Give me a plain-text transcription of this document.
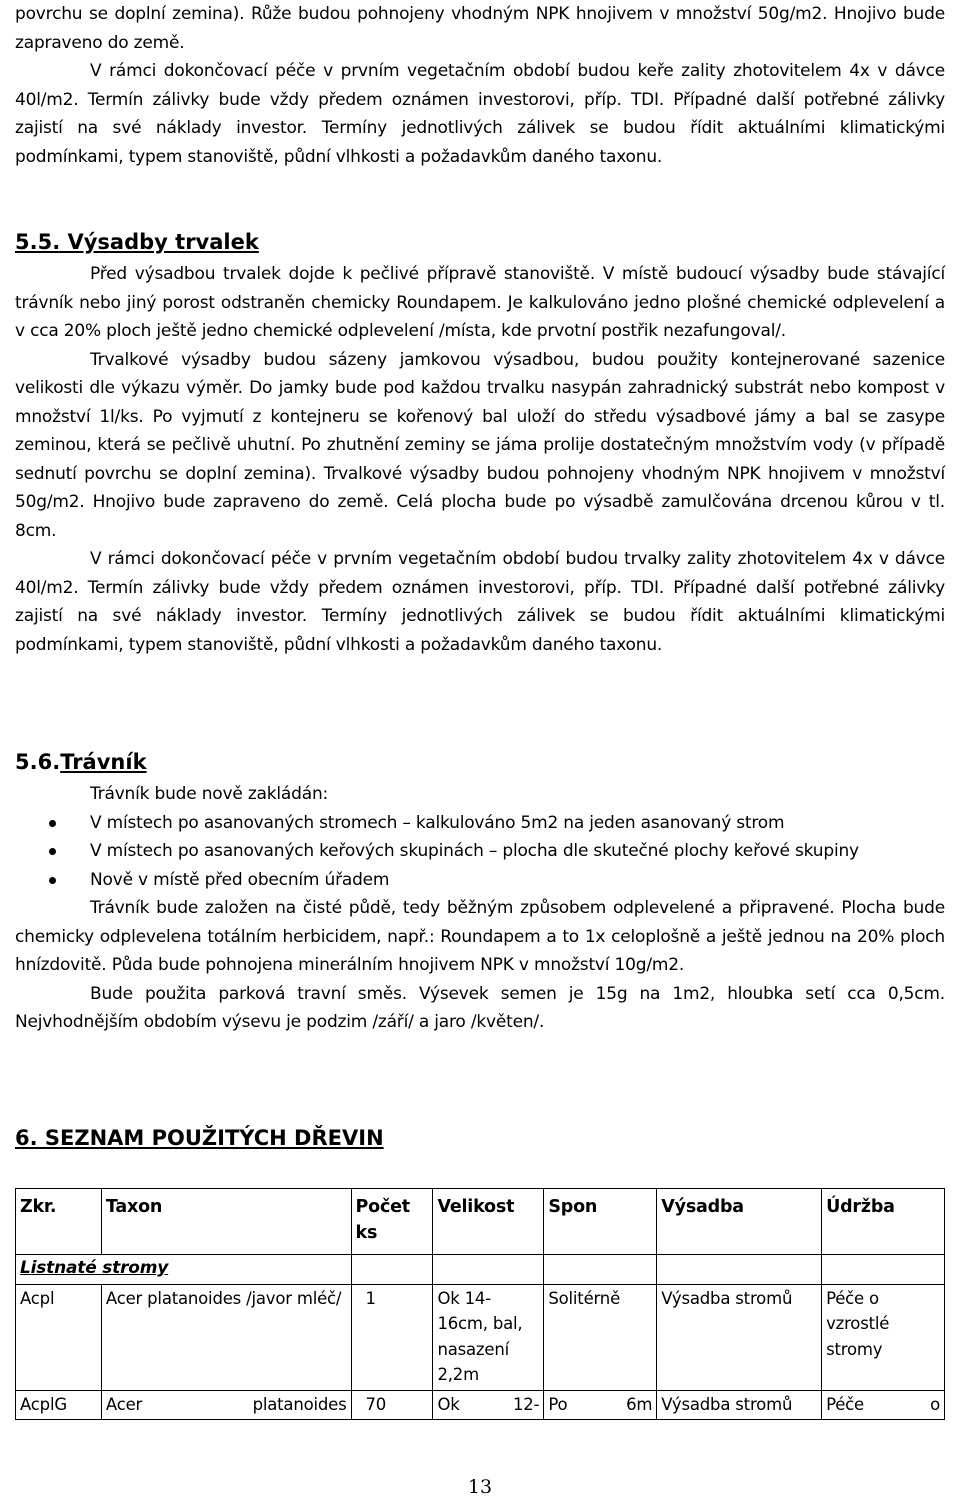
povrchu se doplní zemina). Růže budou pohnojeny vhodným NPK hnojivem v množství 50g/m2. Hnojivo bude zapraveno do země.

V rámci dokončovací péče v prvním vegetačním období budou keře zality zhotovitelem 4x v dávce 40l/m2. Termín zálivky bude vždy předem oznámen investorovi, příp. TDI. Případné další potřebné zálivky zajistí na své náklady investor. Termíny jednotlivých zálivek se budou řídit aktuálními klimatickými podmínkami, typem stanoviště, půdní vlhkosti a požadavkům daného taxonu.

5.5. Výsadby trvalek

Před výsadbou trvalek dojde k pečlivé přípravě stanoviště. V místě budoucí výsadby bude stávající trávník nebo jiný porost odstraněn chemicky Roundapem. Je kalkulováno jedno plošné chemické odplevelení a v cca 20% ploch ještě jedno chemické odplevelení /místa, kde prvotní postřik nezafungoval/.

Trvalkové výsadby budou sázeny jamkovou výsadbou, budou použity kontejnerované sazenice velikosti dle výkazu výměr. Do jamky bude pod každou trvalku nasypán zahradnický substrát nebo kompost v množství 1l/ks. Po vyjmutí z kontejneru se kořenový bal uloží do středu výsadbové jámy a bal se zasype zeminou, která se pečlivě uhutní. Po zhutnění zeminy se jáma prolije dostatečným množstvím vody (v případě sednutí povrchu se doplní zemina). Trvalkové výsadby budou pohnojeny vhodným NPK hnojivem v množství 50g/m2. Hnojivo bude zapraveno do země. Celá plocha bude po výsadbě zamulčována drcenou kůrou v tl. 8cm.

V rámci dokončovací péče v prvním vegetačním období budou trvalky zality zhotovitelem 4x v dávce 40l/m2. Termín zálivky bude vždy předem oznámen investorovi, příp. TDI. Případné další potřebné zálivky zajistí na své náklady investor. Termíny jednotlivých zálivek se budou řídit aktuálními klimatickými podmínkami, typem stanoviště, půdní vlhkosti a požadavkům daného taxonu.

5.6.Trávník

Trávník bude nově zakládán:

V místech po asanovaných stromech – kalkulováno 5m2 na jeden asanovaný strom
V místech po asanovaných keřových skupinách – plocha dle skutečné plochy keřové skupiny
Nově v místě před obecním úřadem

Trávník bude založen na čisté půdě, tedy běžným způsobem odplevelené a připravené. Plocha bude chemicky odplevelena totálním herbicidem, např.: Roundapem a to 1x celoplošně a ještě jednou na 20% ploch hnízdovitě. Půda bude pohnojena minerálním hnojivem NPK v množství 10g/m2.

Bude použita parková travní směs. Výsevek semen je 15g na 1m2, hloubka setí cca 0,5cm. Nejvhodnějším obdobím výsevu je podzim /září/ a jaro /květen/.

6. SEZNAM POUŽITÝCH DŘEVIN
Zkr.	Taxon	Počet ks	Velikost	Spon	Výsadba	Údržba
Listnaté stromy						
Acpl	Acer platanoides /javor mléč/	1	Ok 14-16cm, bal, nasazení 2,2m	Solitérně	Výsadba stromů	Péče o vzrostlé stromy
AcplG	Acer platanoides	70	Ok 12-	Po 6m	Výsadba stromů	Péče o
13
